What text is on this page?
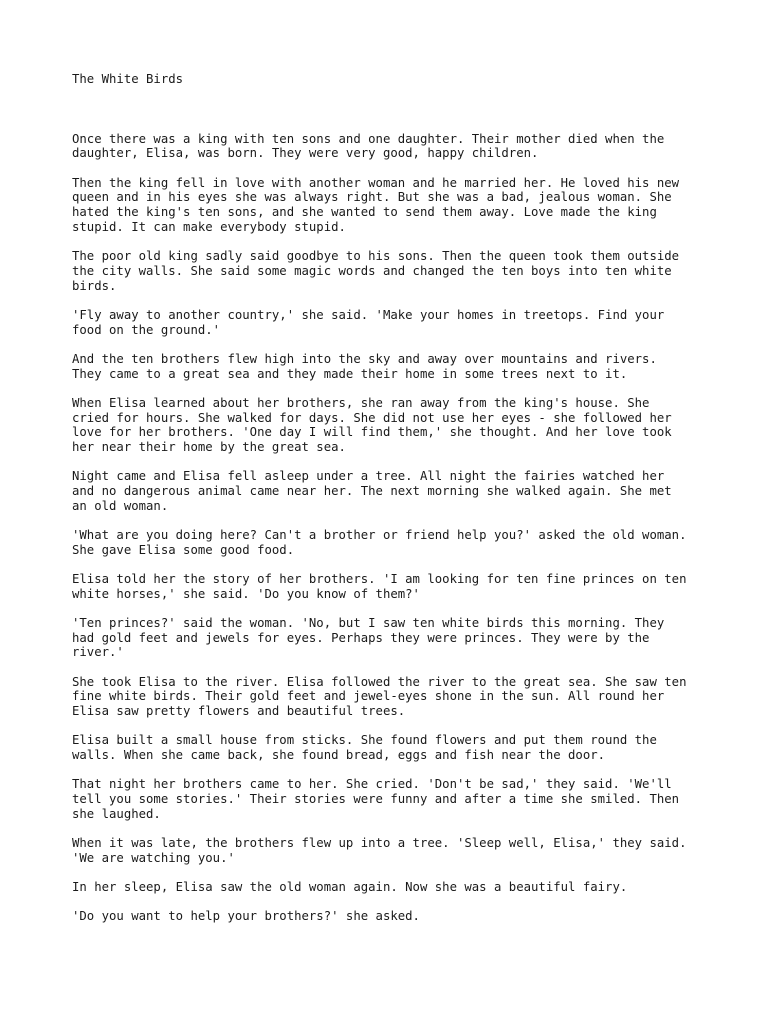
The White Birds
Once there was a king with ten sons and one daughter. Their mother died when the
daughter, Elisa, was born. They were very good, happy children.
Then the king fell in love with another woman and he married her. He loved his new
queen and in his eyes she was always right. But she was a bad, jealous woman. She
hated the king's ten sons, and she wanted to send them away. Love made the king
stupid. It can make everybody stupid.
The poor old king sadly said goodbye to his sons. Then the queen took them outside
the city walls. She said some magic words and changed the ten boys into ten white
birds.
'Fly away to another country,' she said. 'Make your homes in treetops. Find your
food on the ground.'
And the ten brothers flew high into the sky and away over mountains and rivers.
They came to a great sea and they made their home in some trees next to it.
When Elisa learned about her brothers, she ran away from the king's house. She
cried for hours. She walked for days. She did not use her eyes - she followed her
love for her brothers. 'One day I will find them,' she thought. And her love took
her near their home by the great sea.
Night came and Elisa fell asleep under a tree. All night the fairies watched her
and no dangerous animal came near her. The next morning she walked again. She met
an old woman.
'What are you doing here? Can't a brother or friend help you?' asked the old woman.
She gave Elisa some good food.
Elisa told her the story of her brothers. 'I am looking for ten fine princes on ten
white horses,' she said. 'Do you know of them?'
'Ten princes?' said the woman. 'No, but I saw ten white birds this morning. They
had gold feet and jewels for eyes. Perhaps they were princes. They were by the
river.'
She took Elisa to the river. Elisa followed the river to the great sea. She saw ten
fine white birds. Their gold feet and jewel-eyes shone in the sun. All round her
Elisa saw pretty flowers and beautiful trees.
Elisa built a small house from sticks. She found flowers and put them round the
walls. When she came back, she found bread, eggs and fish near the door.
That night her brothers came to her. She cried. 'Don't be sad,' they said. 'We'll
tell you some stories.' Their stories were funny and after a time she smiled. Then
she laughed.
When it was late, the brothers flew up into a tree. 'Sleep well, Elisa,' they said.
'We are watching you.'
In her sleep, Elisa saw the old woman again. Now she was a beautiful fairy.
'Do you want to help your brothers?' she asked.
